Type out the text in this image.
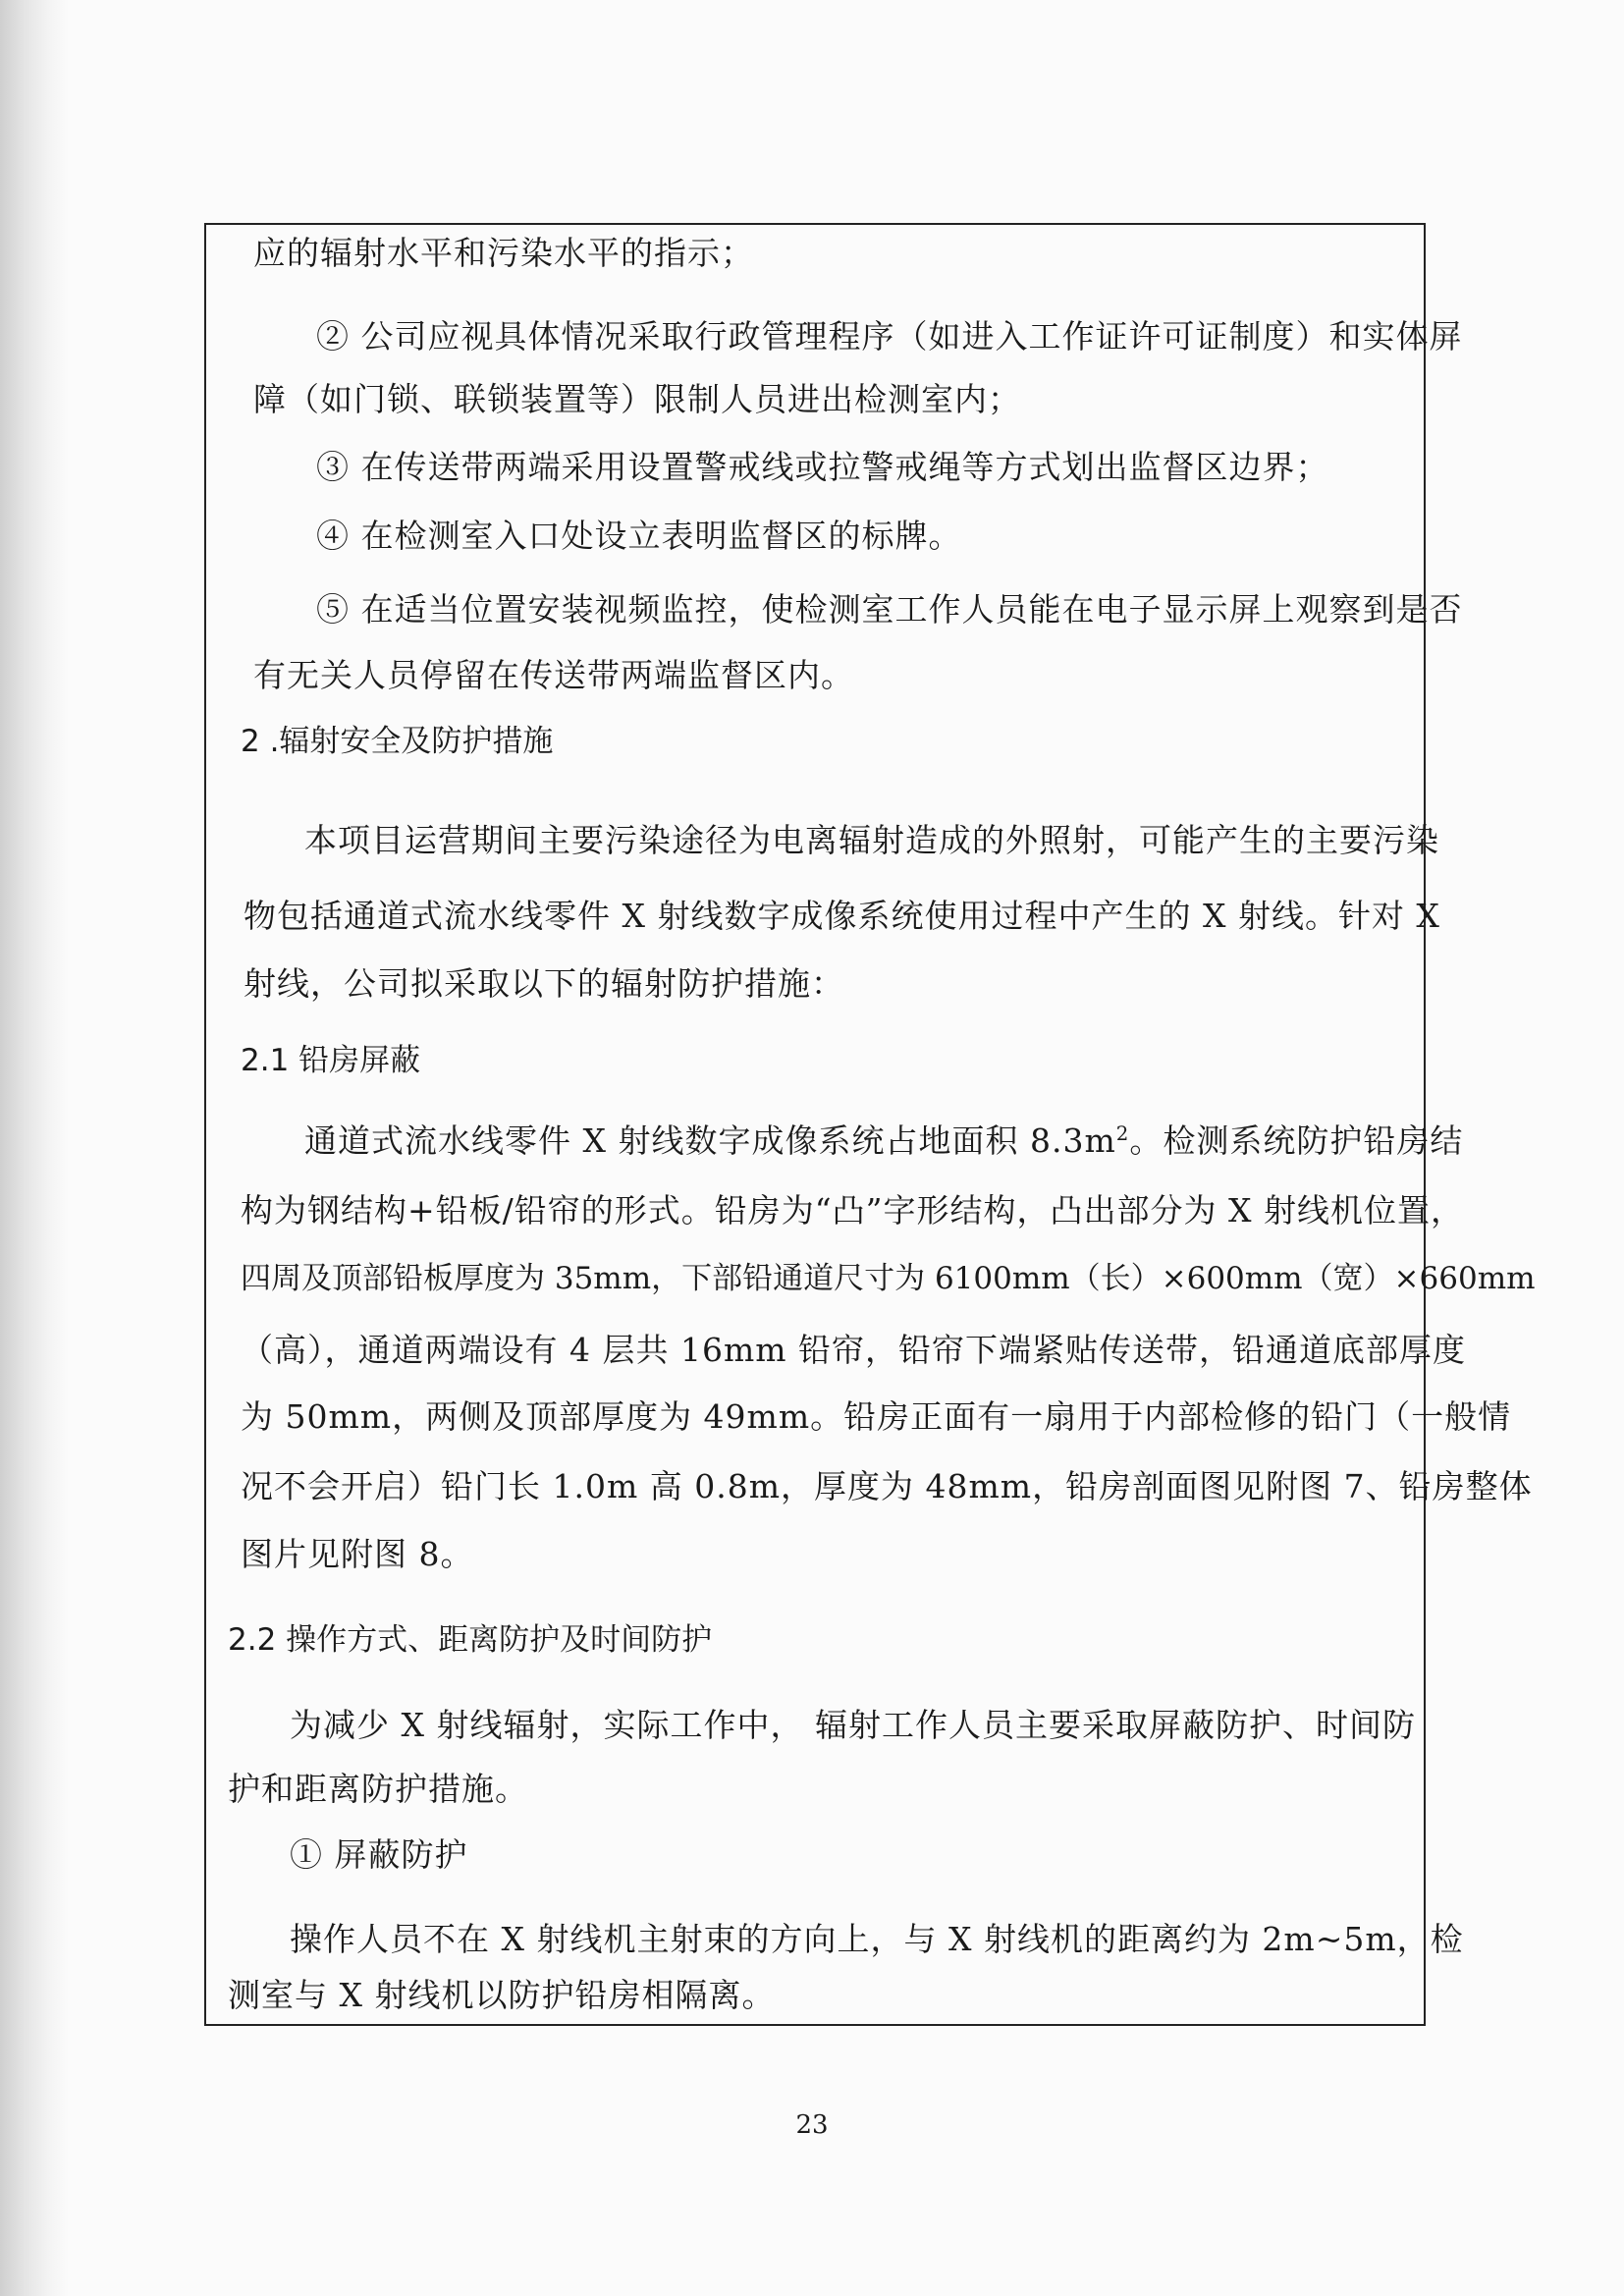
应的辐射水平和污染水平的指示；
② 公司应视具体情况采取行政管理程序（如进入工作证许可证制度）和实体屏
障（如门锁、联锁装置等）限制人员进出检测室内；
③ 在传送带两端采用设置警戒线或拉警戒绳等方式划出监督区边界；
④ 在检测室入口处设立表明监督区的标牌。
⑤ 在适当位置安装视频监控，使检测室工作人员能在电子显示屏上观察到是否
有无关人员停留在传送带两端监督区内。
2 .辐射安全及防护措施
本项目运营期间主要污染途径为电离辐射造成的外照射，可能产生的主要污染
物包括通道式流水线零件 X 射线数字成像系统使用过程中产生的 X 射线。针对 X
射线，公司拟采取以下的辐射防护措施：
2.1 铅房屏蔽
通道式流水线零件 X 射线数字成像系统占地面积 $8.3m^2$。检测系统防护铅房结
构为钢结构+铅板/铅帘的形式。铅房为“凸”字形结构，凸出部分为 X 射线机位置，
四周及顶部铅板厚度为 35mm，下部铅通道尺寸为 6100mm（长）×600mm（宽）×660mm
（高），通道两端设有 4 层共 16mm 铅帘，铅帘下端紧贴传送带，铅通道底部厚度
为 50mm，两侧及顶部厚度为 49mm。铅房正面有一扇用于内部检修的铅门（一般情
况不会开启）铅门长 1.0m 高 0.8m，厚度为 48mm，铅房剖面图见附图 7、铅房整体
图片见附图 8。
2.2 操作方式、距离防护及时间防护
为减少 X 射线辐射，实际工作中， 辐射工作人员主要采取屏蔽防护、时间防
护和距离防护措施。
① 屏蔽防护
操作人员不在 X 射线机主射束的方向上，与 X 射线机的距离约为 2m~5m，检
测室与 X 射线机以防护铅房相隔离。
23
